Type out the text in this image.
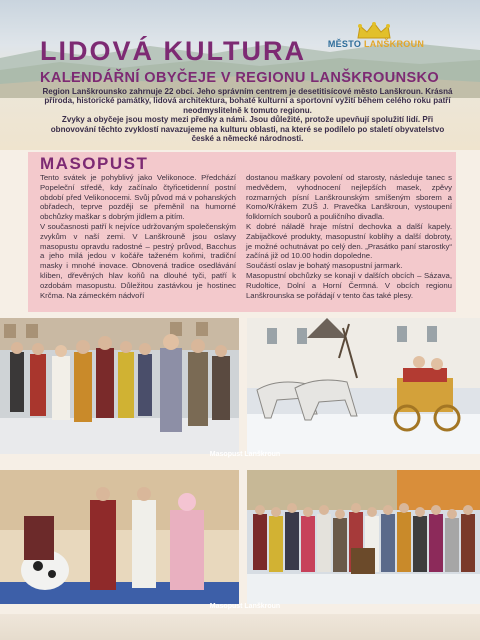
LIDOVÁ KULTURA
KALENDÁŘNÍ OBYČEJE V REGIONU LANŠKROUNSKO
MĚSTO LANŠKROUN

Region Lanškrounsko zahrnuje 22 obcí. Jeho správním centrem je desetitisícové město Lanškroun. Krásná příroda, historické památky, lidová architektura, bohaté kulturní a sportovní vyžití během celého roku patří neodmyslitelně k tomuto regionu.

Zvyky a obyčeje jsou mosty mezi předky a námi. Jsou důležité, protože upevňují spolužití lidí. Při obnovování těchto zvyklostí navazujeme na kulturu oblasti, na které se podílelo po staletí obyvatelstvo české a německé národnosti.

MASOPUST

Tento svátek je pohyblivý jako Velikonoce. Předchází Popeleční středě, kdy začínalo čtyřicetidenní postní období před Velikonocemi. Svůj původ má v pohanských obřadech, teprve později se přeměnil na humorné obchůzky maškar s dobrým jídlem a pitím.

V současnosti patří k nejvíce udržovaným společenským zvykům v naší zemi. V Lanškrouně jsou oslavy masopustu opravdu radostné – pestrý průvod, Bacchus a jeho milá jedou v kočáře taženém koňmi, tradiční masky i mnohé inovace. Obnovená tradice osedlávání kliben, dřevěných hlav koňů na dlouhé tyči, patří k ozdobám masopustu. Důležitou zastávkou je hostinec Krčma. Na zámeckém nádvoří

dostanou maškary povolení od starosty, následuje tanec s medvědem, vyhodnocení nejlepších masek, zpěvy rozmarných písní Lanškrounským smíšeným sborem a Komo/K/rákem ZUŠ J. Pravečka Lanškroun, vystoupení folklorních souborů a pouličního divadla.

K dobré náladě hraje místní dechovka a další kapely. Zabijačkové produkty, masopustní koblihy a další dobroty, je možné ochutnávat po celý den. „Prasátko paní starostky“ začíná již od 10.00 hodin dopoledne.

Součástí oslav je bohatý masopustní jarmark.

Masopustní obchůzky se konají v dalších obcích – Sázava, Rudoltice, Dolní a Horní Čermná. V obcích regionu Lanškrounska se pořádají v tento čas také plesy.

Masopust Lanškroun
Masopust Lanškroun
